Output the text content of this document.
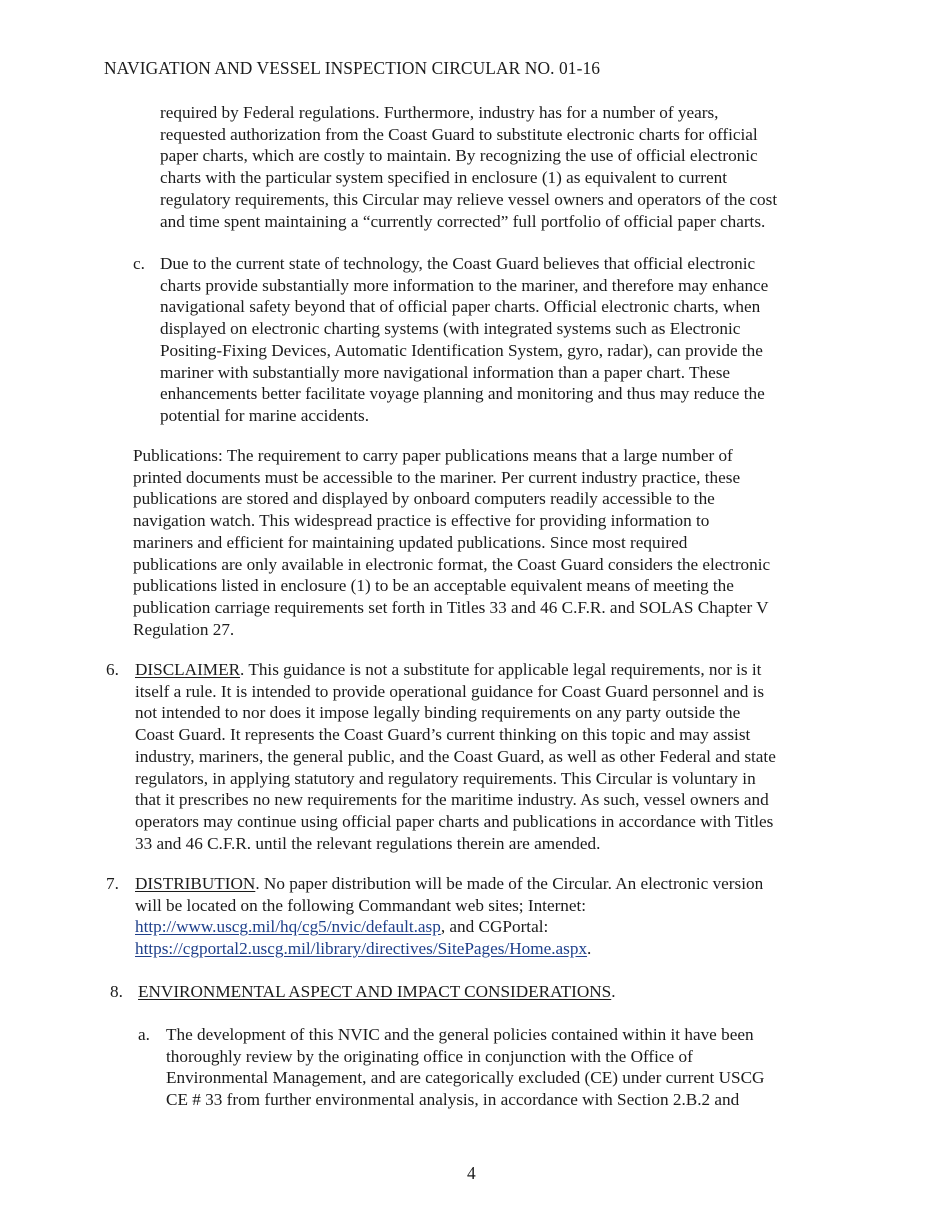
NAVIGATION AND VESSEL INSPECTION CIRCULAR NO. 01-16
required by Federal regulations. Furthermore, industry has for a number of years,
requested authorization from the Coast Guard to substitute electronic charts for official
paper charts, which are costly to maintain. By recognizing the use of official electronic
charts with the particular system specified in enclosure (1) as equivalent to current
regulatory requirements, this Circular may relieve vessel owners and operators of the cost
and time spent maintaining a “currently corrected” full portfolio of official paper charts.
c. Due to the current state of technology, the Coast Guard believes that official electronic
charts provide substantially more information to the mariner, and therefore may enhance
navigational safety beyond that of official paper charts. Official electronic charts, when
displayed on electronic charting systems (with integrated systems such as Electronic
Positing-Fixing Devices, Automatic Identification System, gyro, radar), can provide the
mariner with substantially more navigational information than a paper chart. These
enhancements better facilitate voyage planning and monitoring and thus may reduce the
potential for marine accidents.
Publications: The requirement to carry paper publications means that a large number of
printed documents must be accessible to the mariner. Per current industry practice, these
publications are stored and displayed by onboard computers readily accessible to the
navigation watch. This widespread practice is effective for providing information to
mariners and efficient for maintaining updated publications. Since most required
publications are only available in electronic format, the Coast Guard considers the electronic
publications listed in enclosure (1) to be an acceptable equivalent means of meeting the
publication carriage requirements set forth in Titles 33 and 46 C.F.R. and SOLAS Chapter V
Regulation 27.
6. DISCLAIMER. This guidance is not a substitute for applicable legal requirements, nor is it
itself a rule. It is intended to provide operational guidance for Coast Guard personnel and is
not intended to nor does it impose legally binding requirements on any party outside the
Coast Guard. It represents the Coast Guard’s current thinking on this topic and may assist
industry, mariners, the general public, and the Coast Guard, as well as other Federal and state
regulators, in applying statutory and regulatory requirements. This Circular is voluntary in
that it prescribes no new requirements for the maritime industry. As such, vessel owners and
operators may continue using official paper charts and publications in accordance with Titles
33 and 46 C.F.R. until the relevant regulations therein are amended.
7. DISTRIBUTION. No paper distribution will be made of the Circular. An electronic version
will be located on the following Commandant web sites; Internet:
http://www.uscg.mil/hq/cg5/nvic/default.asp, and CGPortal:
https://cgportal2.uscg.mil/library/directives/SitePages/Home.aspx.
8. ENVIRONMENTAL ASPECT AND IMPACT CONSIDERATIONS.
a. The development of this NVIC and the general policies contained within it have been
thoroughly review by the originating office in conjunction with the Office of
Environmental Management, and are categorically excluded (CE) under current USCG
CE # 33 from further environmental analysis, in accordance with Section 2.B.2 and
4
